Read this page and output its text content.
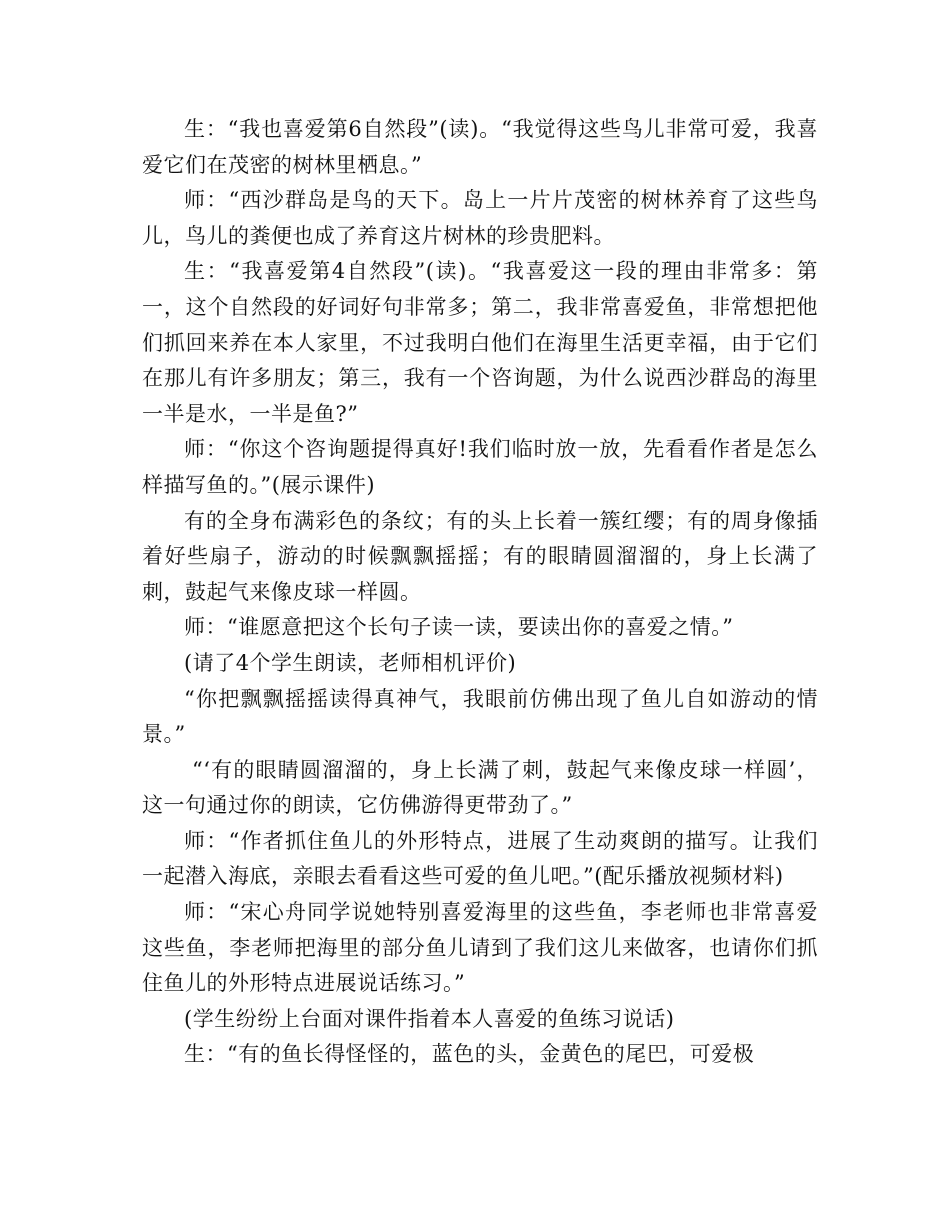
生：“我也喜爱第6自然段”(读)。“我觉得这些鸟儿非常可爱，我喜爱它们在茂密的树林里栖息。”

师：“西沙群岛是鸟的天下。岛上一片片茂密的树林养育了这些鸟儿，鸟儿的粪便也成了养育这片树林的珍贵肥料。

生：“我喜爱第4自然段”(读)。“我喜爱这一段的理由非常多：第一，这个自然段的好词好句非常多；第二，我非常喜爱鱼，非常想把他们抓回来养在本人家里，不过我明白他们在海里生活更幸福，由于它们在那儿有许多朋友；第三，我有一个咨询题，为什么说西沙群岛的海里一半是水，一半是鱼?”

师：“你这个咨询题提得真好!我们临时放一放，先看看作者是怎么样描写鱼的。”(展示课件)

有的全身布满彩色的条纹；有的头上长着一簇红缨；有的周身像插着好些扇子，游动的时候飘飘摇摇；有的眼睛圆溜溜的，身上长满了刺，鼓起气来像皮球一样圆。

师：“谁愿意把这个长句子读一读，要读出你的喜爱之情。”

(请了4个学生朗读，老师相机评价)

“你把飘飘摇摇读得真神气，我眼前仿佛出现了鱼儿自如游动的情景。”

“‘有的眼睛圆溜溜的，身上长满了刺，鼓起气来像皮球一样圆’，这一句通过你的朗读，它仿佛游得更带劲了。”

师：“作者抓住鱼儿的外形特点，进展了生动爽朗的描写。让我们一起潜入海底，亲眼去看看这些可爱的鱼儿吧。”(配乐播放视频材料)

师：“宋心舟同学说她特别喜爱海里的这些鱼，李老师也非常喜爱这些鱼，李老师把海里的部分鱼儿请到了我们这儿来做客，也请你们抓住鱼儿的外形特点进展说话练习。”

(学生纷纷上台面对课件指着本人喜爱的鱼练习说话)

生：“有的鱼长得怪怪的，蓝色的头，金黄色的尾巴，可爱极
